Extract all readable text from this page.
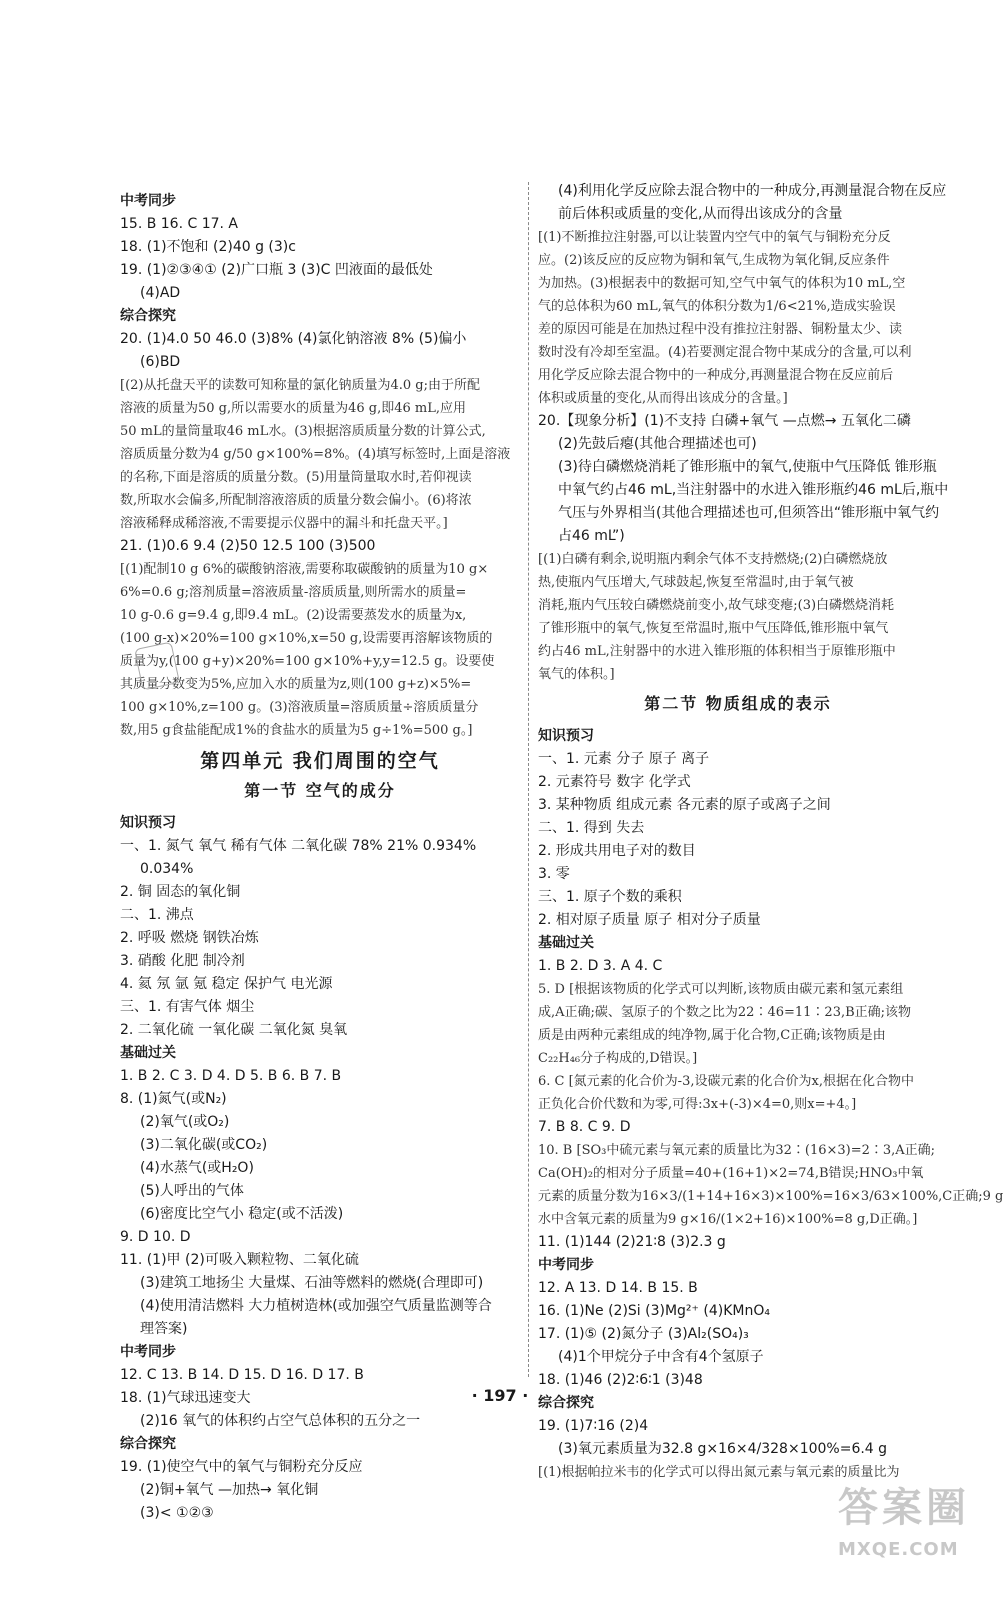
中考同步
15. B 16. C 17. A
18. (1)不饱和 (2)40 g (3)c
19. (1)②③④① (2)广口瓶 3 (3)C 凹液面的最低处
(4)AD
综合探究
20. (1)4.0 50 46.0 (3)8% (4)氯化钠溶液 8% (5)偏小
(6)BD
[(2)从托盘天平的读数可知称量的氯化钠质量为4.0 g;由于所配
溶液的质量为50 g,所以需要水的质量为46 g,即46 mL,应用
50 mL的量筒量取46 mL水。(3)根据溶质质量分数的计算公式,
溶质质量分数为4 g/50 g×100%=8%。(4)填写标签时,上面是溶液
的名称,下面是溶质的质量分数。(5)用量筒量取水时,若仰视读
数,所取水会偏多,所配制溶液溶质的质量分数会偏小。(6)将浓
溶液稀释成稀溶液,不需要提示仪器中的漏斗和托盘天平。]
21. (1)0.6 9.4 (2)50 12.5 100 (3)500
[(1)配制10 g 6%的碳酸钠溶液,需要称取碳酸钠的质量为10 g×
6%=0.6 g;溶剂质量=溶液质量-溶质质量,则所需水的质量=
10 g-0.6 g=9.4 g,即9.4 mL。(2)设需要蒸发水的质量为x,
(100 g-x)×20%=100 g×10%,x=50 g,设需要再溶解该物质的
质量为y,(100 g+y)×20%=100 g×10%+y,y=12.5 g。设要使
其质量分数变为5%,应加入水的质量为z,则(100 g+z)×5%=
100 g×10%,z=100 g。(3)溶液质量=溶质质量÷溶质质量分
数,用5 g食盐能配成1%的食盐水的质量为5 g÷1%=500 g。]
第四单元 我们周围的空气
第一节 空气的成分
知识预习
一、1. 氮气 氧气 稀有气体 二氧化碳 78% 21% 0.934%
0.034%
2. 铜 固态的氧化铜
二、1. 沸点
2. 呼吸 燃烧 钢铁冶炼
3. 硝酸 化肥 制冷剂
4. 氦 氖 氩 氪 稳定 保护气 电光源
三、1. 有害气体 烟尘
2. 二氧化硫 一氧化碳 二氧化氮 臭氧
基础过关
1. B 2. C 3. D 4. D 5. B 6. B 7. B
8. (1)氮气(或N₂)
(2)氧气(或O₂)
(3)二氧化碳(或CO₂)
(4)水蒸气(或H₂O)
(5)人呼出的气体
(6)密度比空气小 稳定(或不活泼)
9. D 10. D
11. (1)甲 (2)可吸入颗粒物、二氧化硫
(3)建筑工地扬尘 大量煤、石油等燃料的燃烧(合理即可)
(4)使用清洁燃料 大力植树造林(或加强空气质量监测等合
理答案)
中考同步
12. C 13. B 14. D 15. D 16. D 17. B
18. (1)气球迅速变大
(2)16 氧气的体积约占空气总体积的五分之一
综合探究
19. (1)使空气中的氧气与铜粉充分反应
(2)铜+氧气 —加热→ 氧化铜
(3)< ①②③
(4)利用化学反应除去混合物中的一种成分,再测量混合物在反应
前后体积或质量的变化,从而得出该成分的含量
[(1)不断推拉注射器,可以让装置内空气中的氧气与铜粉充分反
应。(2)该反应的反应物为铜和氧气,生成物为氧化铜,反应条件
为加热。(3)根据表中的数据可知,空气中氧气的体积为10 mL,空
气的总体积为60 mL,氧气的体积分数为1/6<21%,造成实验误
差的原因可能是在加热过程中没有推拉注射器、铜粉量太少、读
数时没有冷却至室温。(4)若要测定混合物中某成分的含量,可以利
用化学反应除去混合物中的一种成分,再测量混合物在反应前后
体积或质量的变化,从而得出该成分的含量。]
20.【现象分析】(1)不支持 白磷+氧气 —点燃→ 五氧化二磷
(2)先鼓后瘪(其他合理描述也可)
(3)待白磷燃烧消耗了锥形瓶中的氧气,使瓶中气压降低 锥形瓶
中氧气约占46 mL,当注射器中的水进入锥形瓶约46 mL后,瓶中
气压与外界相当(其他合理描述也可,但须答出“锥形瓶中氧气约
占46 mL”)
[(1)白磷有剩余,说明瓶内剩余气体不支持燃烧;(2)白磷燃烧放
热,使瓶内气压增大,气球鼓起,恢复至常温时,由于氧气被
消耗,瓶内气压较白磷燃烧前变小,故气球变瘪;(3)白磷燃烧消耗
了锥形瓶中的氧气,恢复至常温时,瓶中气压降低,锥形瓶中氧气
约占46 mL,注射器中的水进入锥形瓶的体积相当于原锥形瓶中
氧气的体积。]
第二节 物质组成的表示
知识预习
一、1. 元素 分子 原子 离子
2. 元素符号 数字 化学式
3. 某种物质 组成元素 各元素的原子或离子之间
二、1. 得到 失去
2. 形成共用电子对的数目
3. 零
三、1. 原子个数的乘积
2. 相对原子质量 原子 相对分子质量
基础过关
1. B 2. D 3. A 4. C
5. D [根据该物质的化学式可以判断,该物质由碳元素和氢元素组
成,A正确;碳、氢原子的个数之比为22∶46=11∶23,B正确;该物
质是由两种元素组成的纯净物,属于化合物,C正确;该物质是由
C₂₂H₄₆分子构成的,D错误。]
6. C [氮元素的化合价为-3,设碳元素的化合价为x,根据在化合物中
正负化合价代数和为零,可得:3x+(-3)×4=0,则x=+4。]
7. B 8. C 9. D
10. B [SO₃中硫元素与氧元素的质量比为32∶(16×3)=2∶3,A正确;
Ca(OH)₂的相对分子质量=40+(16+1)×2=74,B错误;HNO₃中氧
元素的质量分数为16×3/(1+14+16×3)×100%=16×3/63×100%,C正确;9 g
水中含氧元素的质量为9 g×16/(1×2+16)×100%=8 g,D正确。]
11. (1)144 (2)21∶8 (3)2.3 g
中考同步
12. A 13. D 14. B 15. B
16. (1)Ne (2)Si (3)Mg²⁺ (4)KMnO₄
17. (1)⑤ (2)氮分子 (3)Al₂(SO₄)₃
(4)1个甲烷分子中含有4个氢原子
18. (1)46 (2)2∶6∶1 (3)48
综合探究
19. (1)7∶16 (2)4
(3)氧元素质量为32.8 g×16×4/328×100%=6.4 g
[(1)根据帕拉米韦的化学式可以得出氮元素与氧元素的质量比为
· 197 ·
答案圈
MXQE.COM
